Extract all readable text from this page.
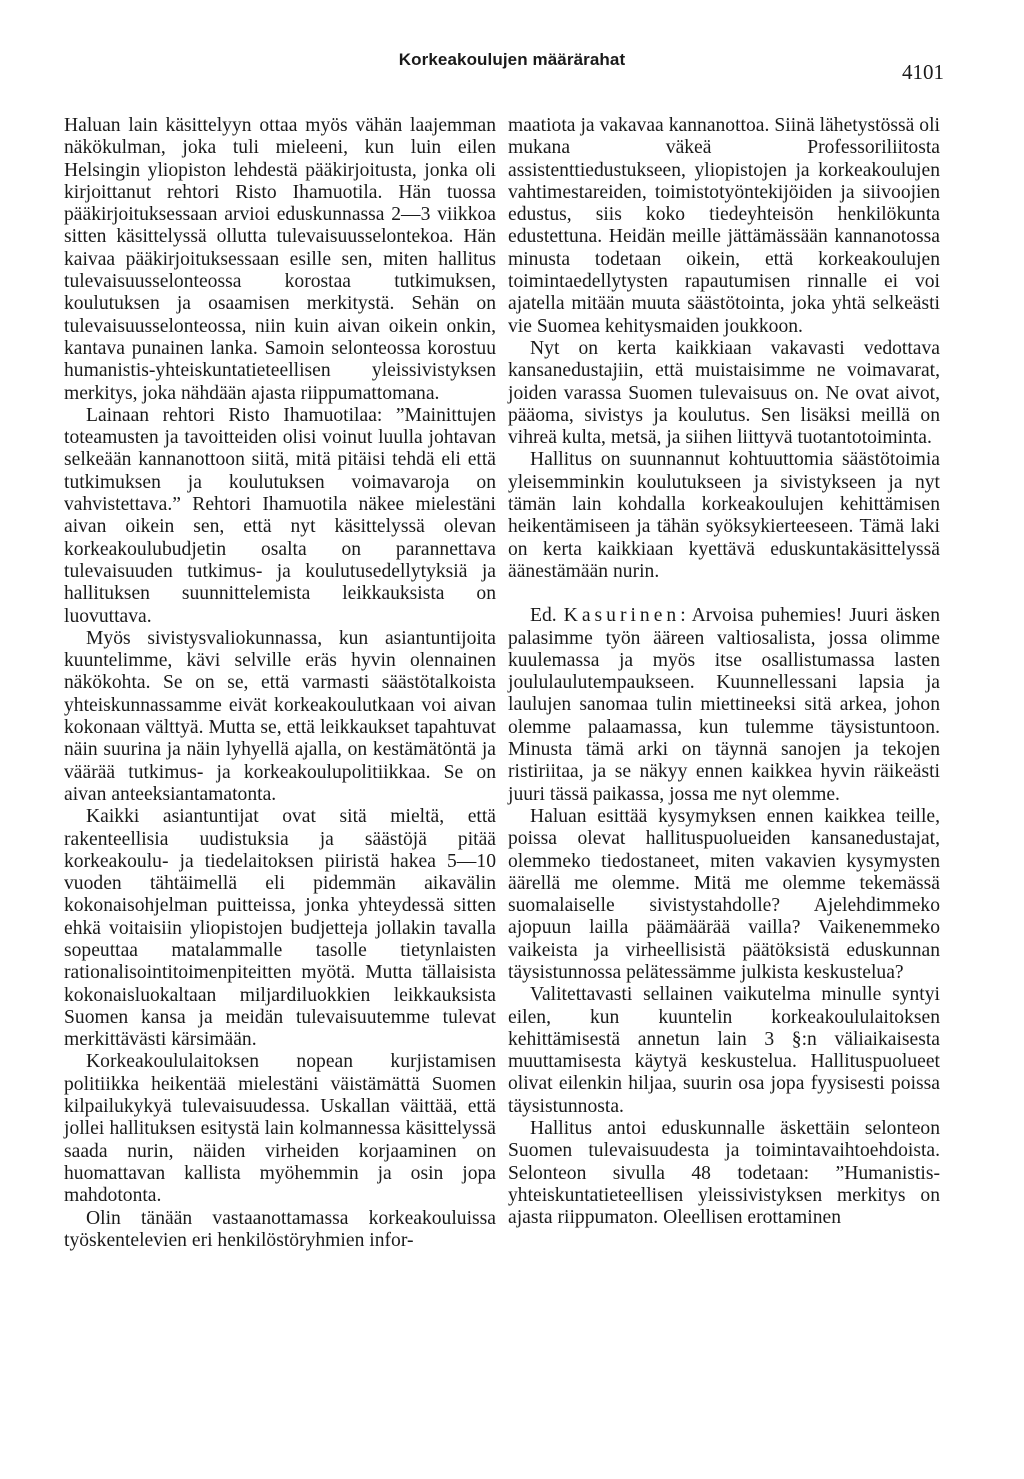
Korkeakoulujen määrärahat
4101

Haluan lain käsittelyyn ottaa myös vähän laajemman näkökulman, joka tuli mieleeni, kun luin eilen Helsingin yliopiston lehdestä pääkirjoitusta, jonka oli kirjoittanut rehtori Risto Ihamuotila. Hän tuossa pääkirjoituksessaan arvioi eduskunnassa 2—3 viikkoa sitten käsittelyssä ollutta tulevaisuusselontekoa. Hän kaivaa pääkirjoituksessaan esille sen, miten hallitus tulevaisuusselonteossa korostaa tutkimuksen, koulutuksen ja osaamisen merkitystä. Sehän on tulevaisuusselonteossa, niin kuin aivan oikein onkin, kantava punainen lanka. Samoin selonteossa korostuu humanistis-yhteiskuntatieteellisen yleissivistyksen merkitys, joka nähdään ajasta riippumattomana.

Lainaan rehtori Risto Ihamuotilaa: ”Mainittujen toteamusten ja tavoitteiden olisi voinut luulla johtavan selkeään kannanottoon siitä, mitä pitäisi tehdä eli että tutkimuksen ja koulutuksen voimavaroja on vahvistettava.” Rehtori Ihamuotila näkee mielestäni aivan oikein sen, että nyt käsittelyssä olevan korkeakoulubudjetin osalta on parannettava tulevaisuuden tutkimus- ja koulutusedellytyksiä ja hallituksen suunnittelemista leikkauksista on luovuttava.

Myös sivistysvaliokunnassa, kun asiantuntijoita kuuntelimme, kävi selville eräs hyvin olennainen näkökohta. Se on se, että varmasti säästötalkoista yhteiskunnassamme eivät korkeakoulutkaan voi aivan kokonaan välttyä. Mutta se, että leikkaukset tapahtuvat näin suurina ja näin lyhyellä ajalla, on kestämätöntä ja väärää tutkimus- ja korkeakoulupolitiikkaa. Se on aivan anteeksiantamatonta.

Kaikki asiantuntijat ovat sitä mieltä, että rakenteellisia uudistuksia ja säästöjä pitää korkeakoulu- ja tiedelaitoksen piiristä hakea 5—10 vuoden tähtäimellä eli pidemmän aikavälin kokonaisohjelman puitteissa, jonka yhteydessä sitten ehkä voitaisiin yliopistojen budjetteja jollakin tavalla sopeuttaa matalammalle tasolle tietynlaisten rationalisointitoimenpiteitten myötä. Mutta tällaisista kokonaisluokaltaan miljardiluokkien leikkauksista Suomen kansa ja meidän tulevaisuutemme tulevat merkittävästi kärsimään.

Korkeakoululaitoksen nopean kurjistamisen politiikka heikentää mielestäni väistämättä Suomen kilpailukykyä tulevaisuudessa. Uskallan väittää, että jollei hallituksen esitystä lain kolmannessa käsittelyssä saada nurin, näiden virheiden korjaaminen on huomattavan kallista myöhemmin ja osin jopa mahdotonta.

Olin tänään vastaanottamassa korkeakouluissa työskentelevien eri henkilöstöryhmien infor-

maatiota ja vakavaa kannanottoa. Siinä lähetystössä oli mukana väkeä Professoriliitosta assistenttiedustukseen, yliopistojen ja korkeakoulujen vahtimestareiden, toimistotyöntekijöiden ja siivoojien edustus, siis koko tiedeyhteisön henkilökunta edustettuna. Heidän meille jättämässään kannanotossa minusta todetaan oikein, että korkeakoulujen toimintaedellytysten rapautumisen rinnalle ei voi ajatella mitään muuta säästötointa, joka yhtä selkeästi vie Suomea kehitysmaiden joukkoon.

Nyt on kerta kaikkiaan vakavasti vedottava kansanedustajiin, että muistaisimme ne voimavarat, joiden varassa Suomen tulevaisuus on. Ne ovat aivot, pääoma, sivistys ja koulutus. Sen lisäksi meillä on vihreä kulta, metsä, ja siihen liittyvä tuotantotoiminta.

Hallitus on suunnannut kohtuuttomia säästötoimia yleisemminkin koulutukseen ja sivistykseen ja nyt tämän lain kohdalla korkeakoulujen kehittämisen heikentämiseen ja tähän syöksykierteeseen. Tämä laki on kerta kaikkiaan kyettävä eduskuntakäsittelyssä äänestämään nurin.

Ed. Kasurinen: Arvoisa puhemies! Juuri äsken palasimme työn ääreen valtiosalista, jossa olimme kuulemassa ja myös itse osallistumassa lasten joululaulutempaukseen. Kuunnellessani lapsia ja laulujen sanomaa tulin miettineeksi sitä arkea, johon olemme palaamassa, kun tulemme täysistuntoon. Minusta tämä arki on täynnä sanojen ja tekojen ristiriitaa, ja se näkyy ennen kaikkea hyvin räikeästi juuri tässä paikassa, jossa me nyt olemme.

Haluan esittää kysymyksen ennen kaikkea teille, poissa olevat hallituspuolueiden kansanedustajat, olemmeko tiedostaneet, miten vakavien kysymysten äärellä me olemme. Mitä me olemme tekemässä suomalaiselle sivistystahdolle? Ajelehdimmeko ajopuun lailla päämäärää vailla? Vaikenemmeko vaikeista ja virheellisistä päätöksistä eduskunnan täysistunnossa pelätessämme julkista keskustelua?

Valitettavasti sellainen vaikutelma minulle syntyi eilen, kun kuuntelin korkeakoululaitoksen kehittämisestä annetun lain 3 §:n väliaikaisesta muuttamisesta käytyä keskustelua. Hallituspuolueet olivat eilenkin hiljaa, suurin osa jopa fyysisesti poissa täysistunnosta.

Hallitus antoi eduskunnalle äskettäin selonteon Suomen tulevaisuudesta ja toimintavaihtoehdoista. Selonteon sivulla 48 todetaan: ”Humanistis-yhteiskuntatieteellisen yleissivistyksen merkitys on ajasta riippumaton. Oleellisen erottaminen
